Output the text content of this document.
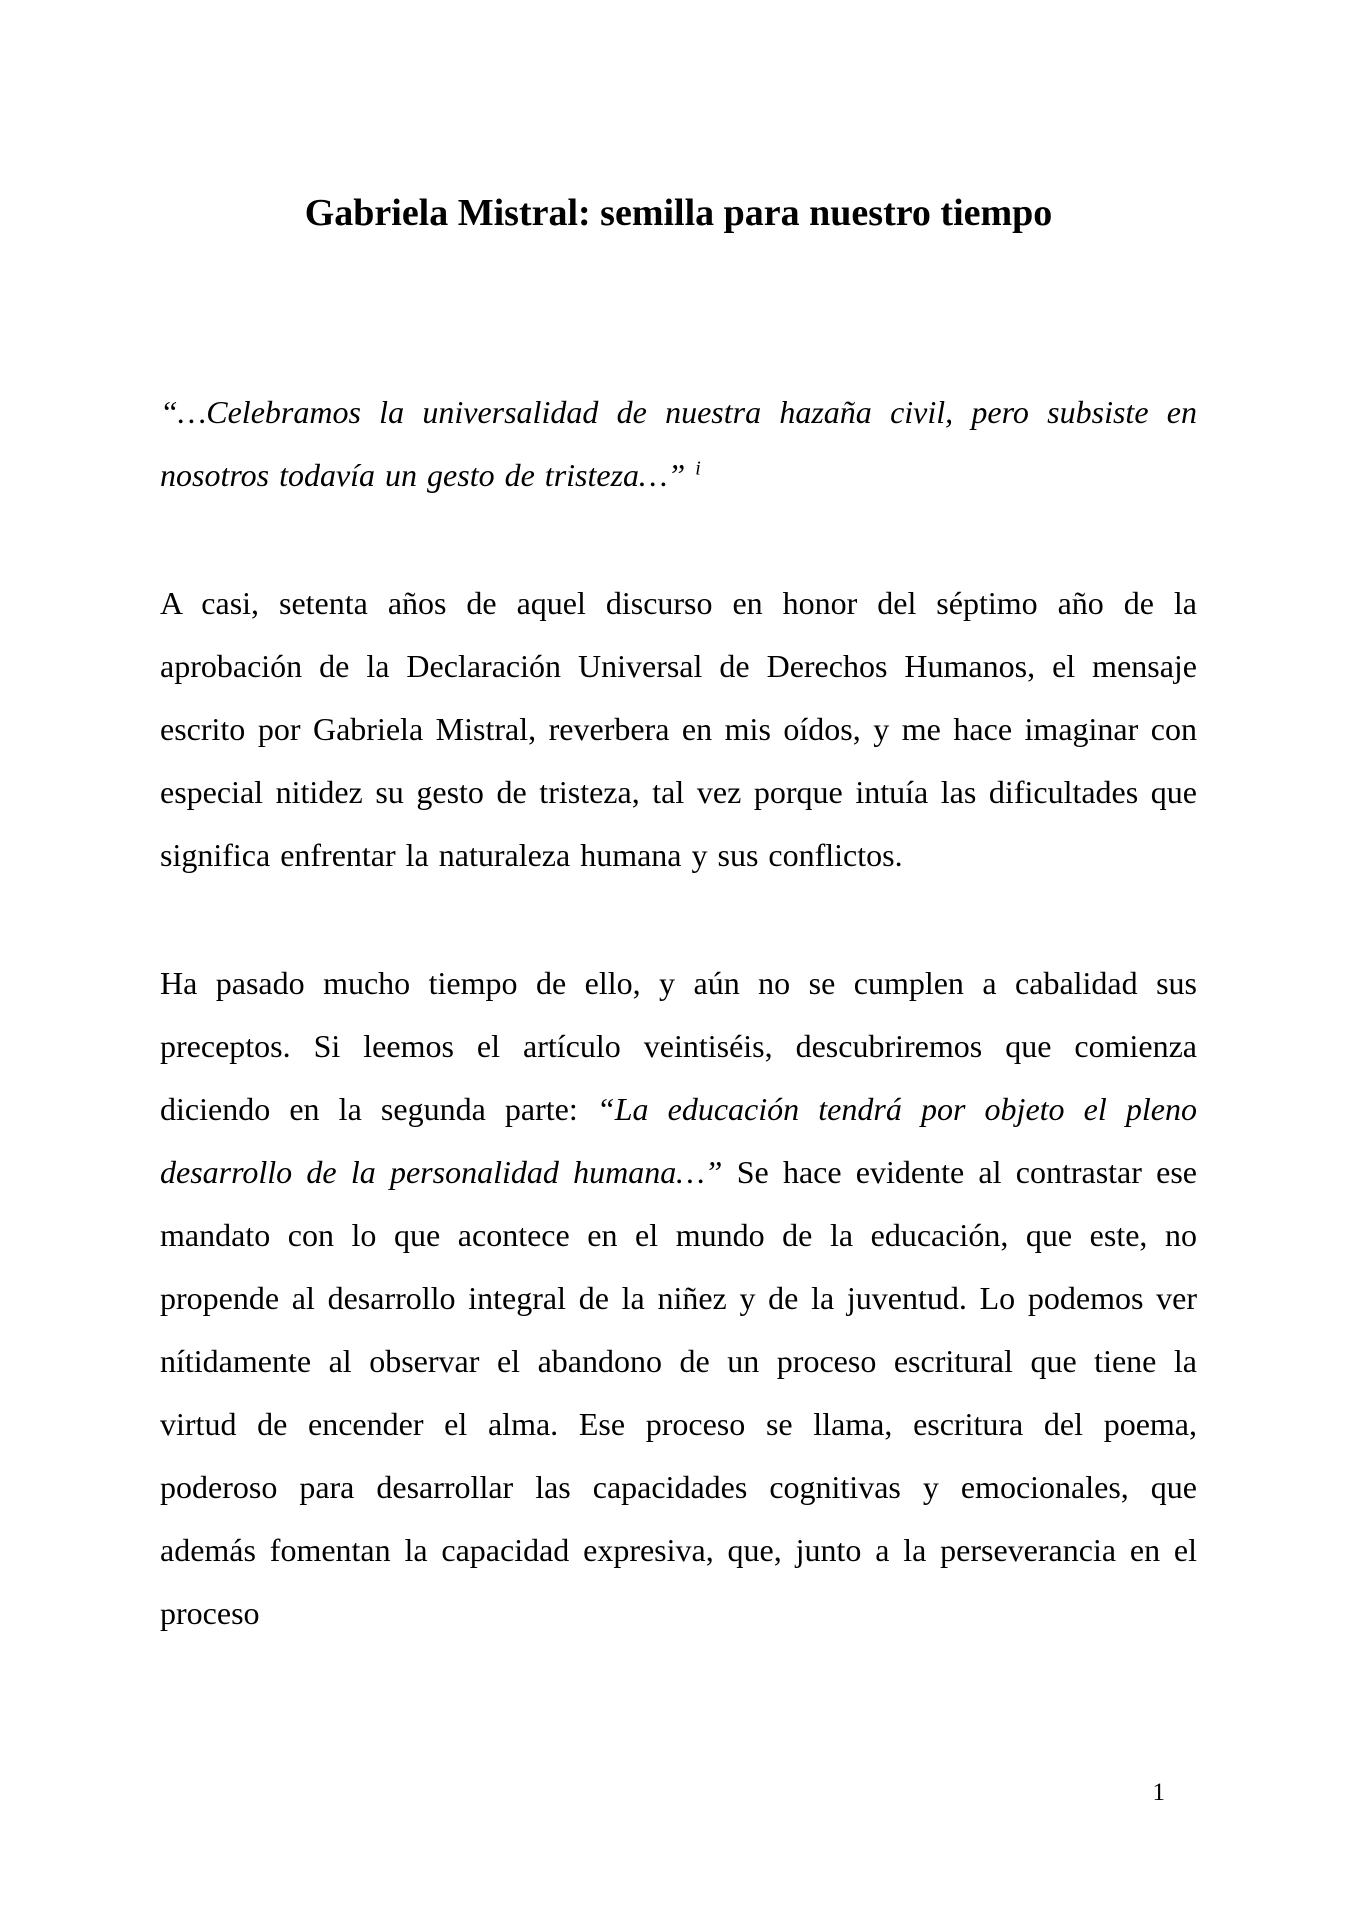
Gabriela Mistral: semilla para nuestro tiempo

“…Celebramos la universalidad de nuestra hazaña civil, pero subsiste en nosotros todavía un gesto de tristeza…” $^i$

A casi, setenta años de aquel discurso en honor del séptimo año de la aprobación de la Declaración Universal de Derechos Humanos, el mensaje escrito por Gabriela Mistral, reverbera en mis oídos, y me hace imaginar con especial nitidez su gesto de tristeza, tal vez porque intuía las dificultades que significa enfrentar la naturaleza humana y sus conflictos.

Ha pasado mucho tiempo de ello, y aún no se cumplen a cabalidad sus preceptos. Si leemos el artículo veintiséis, descubriremos que comienza diciendo en la segunda parte: “La educación tendrá por objeto el pleno desarrollo de la personalidad humana…” Se hace evidente al contrastar ese mandato con lo que acontece en el mundo de la educación, que este, no propende al desarrollo integral de la niñez y de la juventud. Lo podemos ver nítidamente al observar el abandono de un proceso escritural que tiene la virtud de encender el alma. Ese proceso se llama, escritura del poema, poderoso para desarrollar las capacidades cognitivas y emocionales, que además fomentan la capacidad expresiva, que, junto a la perseverancia en el proceso

1
